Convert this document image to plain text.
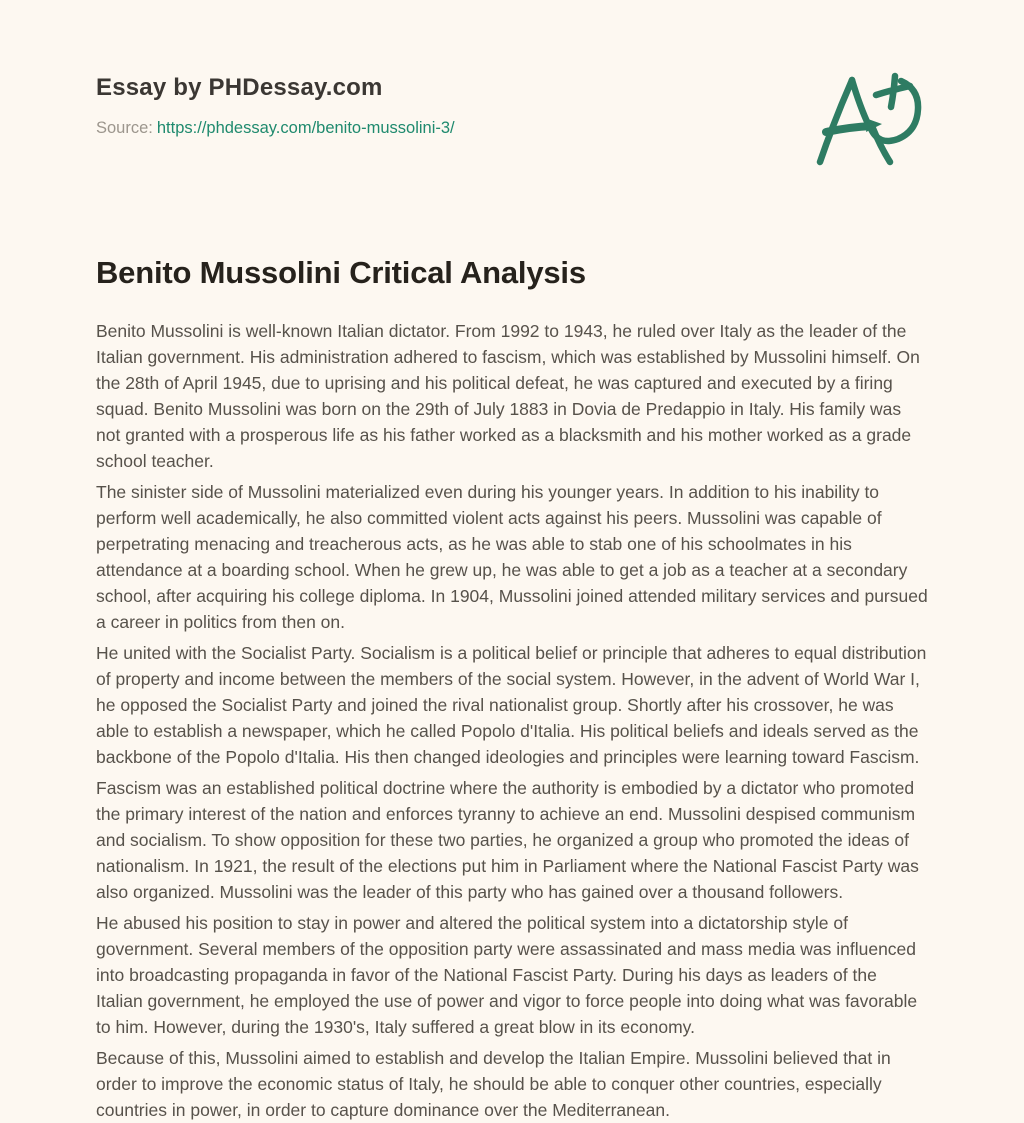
Essay by PHDessay.com
Source: https://phdessay.com/benito-mussolini-3/
Benito Mussolini Critical Analysis

Benito Mussolini is well-known Italian dictator. From 1992 to 1943, he ruled over Italy as the leader of the Italian government. His administration adhered to fascism, which was established by Mussolini himself. On the 28th of April 1945, due to uprising and his political defeat, he was captured and executed by a firing squad. Benito Mussolini was born on the 29th of July 1883 in Dovia de Predappio in Italy. His family was not granted with a prosperous life as his father worked as a blacksmith and his mother worked as a grade school teacher.

The sinister side of Mussolini materialized even during his younger years. In addition to his inability to perform well academically, he also committed violent acts against his peers. Mussolini was capable of perpetrating menacing and treacherous acts, as he was able to stab one of his schoolmates in his attendance at a boarding school. When he grew up, he was able to get a job as a teacher at a secondary school, after acquiring his college diploma. In 1904, Mussolini joined attended military services and pursued a career in politics from then on.

He united with the Socialist Party. Socialism is a political belief or principle that adheres to equal distribution of property and income between the members of the social system. However, in the advent of World War I, he opposed the Socialist Party and joined the rival nationalist group. Shortly after his crossover, he was able to establish a newspaper, which he called Popolo d'Italia. His political beliefs and ideals served as the backbone of the Popolo d'Italia. His then changed ideologies and principles were learning toward Fascism.

Fascism was an established political doctrine where the authority is embodied by a dictator who promoted the primary interest of the nation and enforces tyranny to achieve an end. Mussolini despised communism and socialism. To show opposition for these two parties, he organized a group who promoted the ideas of nationalism. In 1921, the result of the elections put him in Parliament where the National Fascist Party was also organized. Mussolini was the leader of this party who has gained over a thousand followers.

He abused his position to stay in power and altered the political system into a dictatorship style of government. Several members of the opposition party were assassinated and mass media was influenced into broadcasting propaganda in favor of the National Fascist Party. During his days as leaders of the Italian government, he employed the use of power and vigor to force people into doing what was favorable to him. However, during the 1930's, Italy suffered a great blow in its economy.

Because of this, Mussolini aimed to establish and develop the Italian Empire. Mussolini believed that in order to improve the economic status of Italy, he should be able to conquer other countries, especially countries in power, in order to capture dominance over the Mediterranean.
